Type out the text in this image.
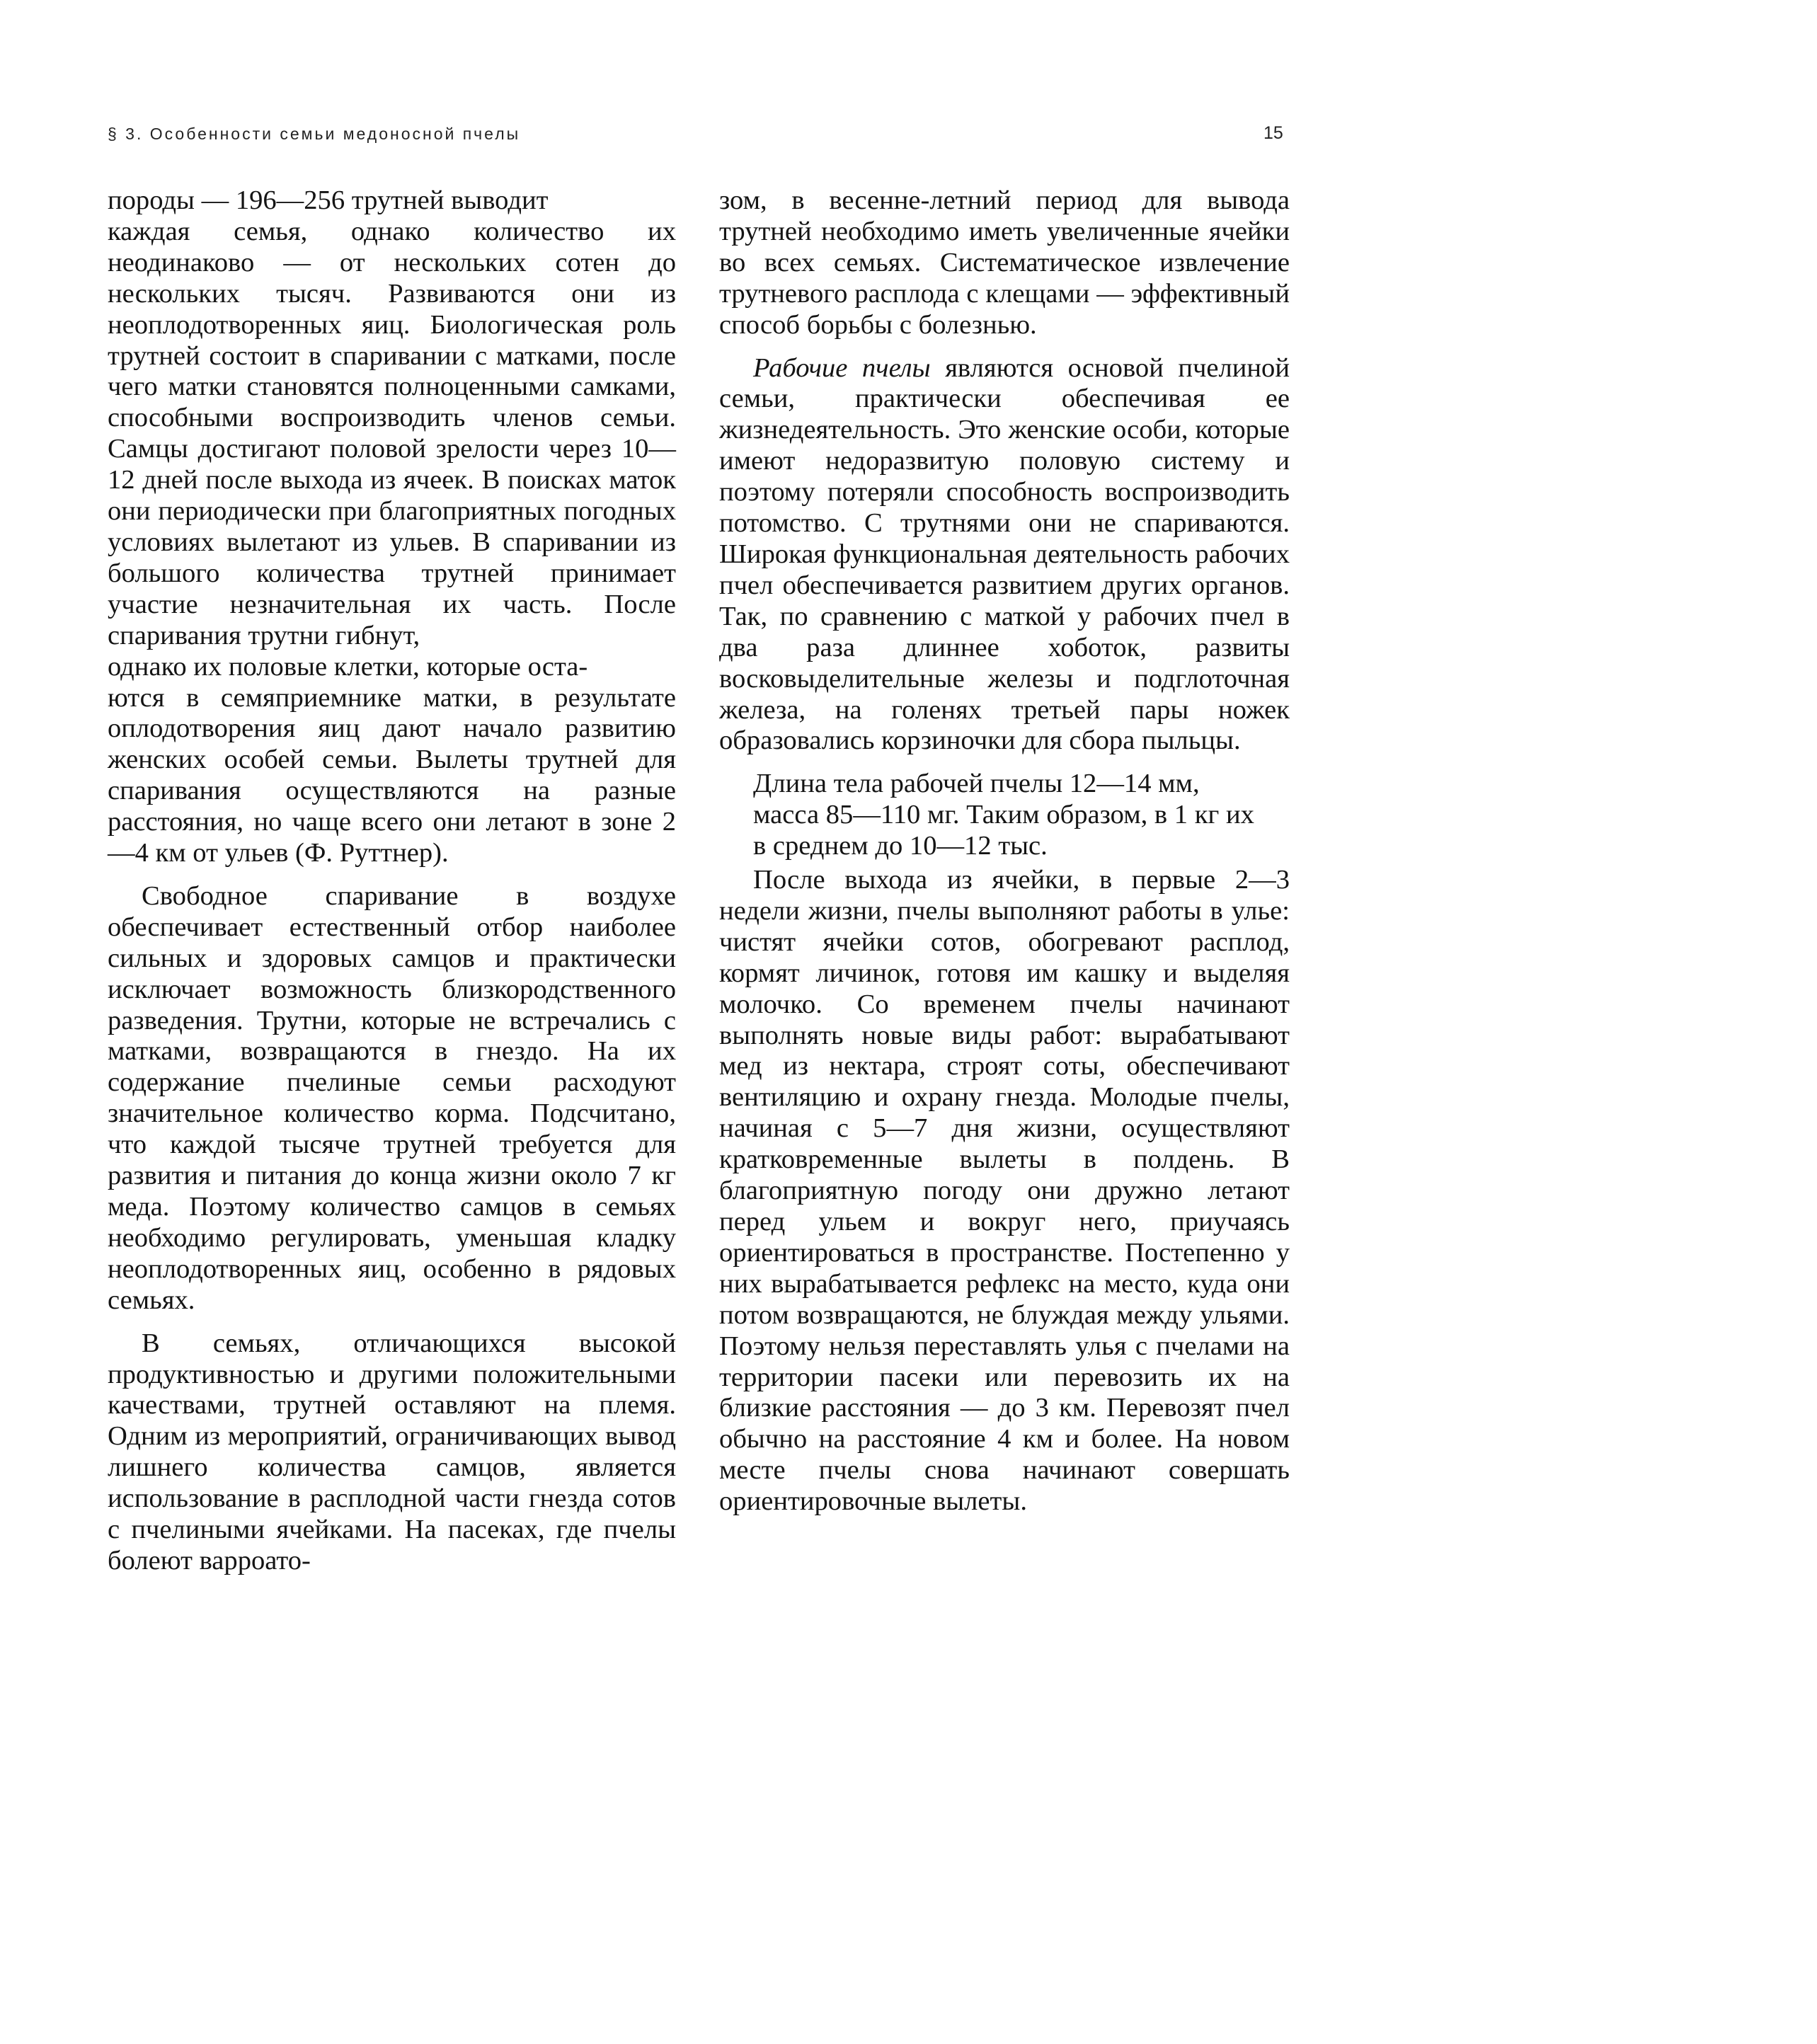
§ 3. Особенности семьи медоносной пчелы	15

породы — 196—256 трутней выводит
каждая семья, однако количество их неодинаково — от нескольких сотен до нескольких тысяч. Развиваются они из неоплодотворенных яиц. Биологическая роль трутней состоит в спаривании с матками, после чего матки становятся полноценными самками, способными воспроизводить членов семьи. Самцы достигают половой зрелости через 10—12 дней после выхода из ячеек. В поисках маток они периодически при благоприятных погодных условиях вылетают из ульев. В спаривании из большого количества трутней принимает участие незначительная их часть. После спаривания трутни гибнут,
однако их половые клетки, которые оста-
ются в семяприемнике матки, в результате оплодотворения яиц дают начало развитию женских особей семьи. Вылеты трутней для спаривания осуществляются на разные расстояния, но чаще всего они летают в зоне 2—4 км от ульев (Ф. Руттнер).

Свободное спаривание в воздухе обеспечивает естественный отбор наиболее сильных и здоровых самцов и практически исключает возможность близкородственного разведения. Трутни, которые не встречались с матками, возвращаются в гнездо. На их содержание пчелиные семьи расходуют значительное количество корма. Подсчитано, что каждой тысяче трутней требуется для развития и питания до конца жизни около 7 кг меда. Поэтому количество самцов в семьях необходимо регулировать, уменьшая кладку неоплодотворенных яиц, особенно в рядовых семьях.

В семьях, отличающихся высокой продуктивностью и другими положительными качествами, трутней оставляют на племя. Одним из мероприятий, ограничивающих вывод лишнего количества самцов, является использование в расплодной части гнезда сотов с пчелиными ячейками. На пасеках, где пчелы болеют варроато-

зом, в весенне-летний период для вывода трутней необходимо иметь увеличенные ячейки во всех семьях. Систематическое извлечение трутневого расплода с клещами — эффективный способ борьбы с болезнью.

Рабочие пчелы являются основой пчелиной семьи, практически обеспечивая ее жизнедеятельность. Это женские особи, которые имеют недоразвитую половую систему и поэтому потеряли способность воспроизводить потомство. С трутнями они не спариваются. Широкая функциональная деятельность рабочих пчел обеспечивается развитием других органов. Так, по сравнению с маткой у рабочих пчел в два раза длиннее хоботок, развиты восковыделительные железы и подглоточная железа, на голенях третьей пары ножек образовались корзиночки для сбора пыльцы.

Длина тела рабочей пчелы 12—14 мм,
масса 85—110 мг. Таким образом, в 1 кг их
в среднем до 10—12 тыс.

После выхода из ячейки, в первые 2—3 недели жизни, пчелы выполняют работы в улье: чистят ячейки сотов, обогревают расплод, кормят личинок, готовя им кашку и выделяя молочко. Со временем пчелы начинают выполнять новые виды работ: вырабатывают мед из нектара, строят соты, обеспечивают вентиляцию и охрану гнезда. Молодые пчелы, начиная с 5—7 дня жизни, осуществляют кратковременные вылеты в полдень. В благоприятную погоду они дружно летают перед ульем и вокруг него, приучаясь ориентироваться в пространстве. Постепенно у них вырабатывается рефлекс на место, куда они потом возвращаются, не блуждая между ульями. Поэтому нельзя переставлять улья с пчелами на территории пасеки или перевозить их на близкие расстояния — до 3 км. Перевозят пчел обычно на расстояние 4 км и более. На новом месте пчелы снова начинают совершать ориентировочные вылеты.
